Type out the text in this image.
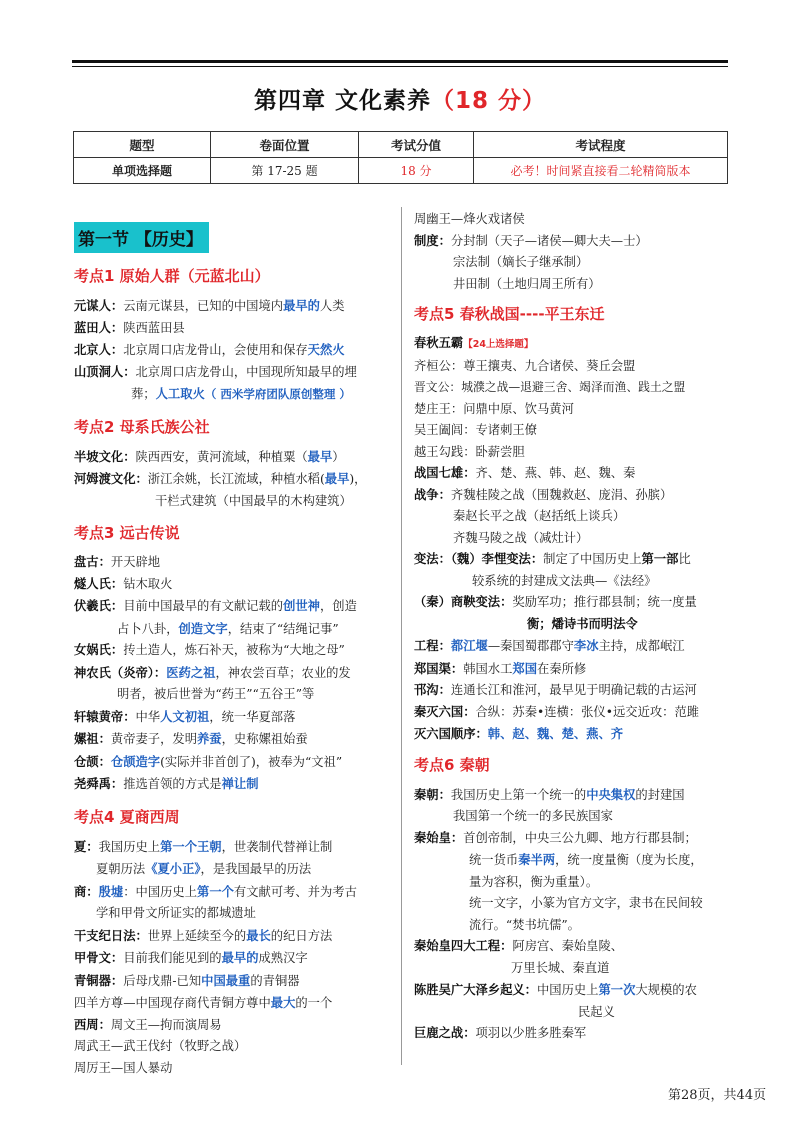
第四章 文化素养（18 分）
题型	卷面位置	考试分值	考试程度
单项选择题	第 17-25 题	18 分	必考！时间紧直接看二轮精简版本
第一节 【历史】
考点1 原始人群（元蓝北山）
元谋人：云南元谋县，已知的中国境内最早的人类
蓝田人：陕西蓝田县
北京人：北京周口店龙骨山，会使用和保存天然火
山顶洞人：北京周口店龙骨山，中国现所知最早的埋
葬；人工取火（ 西米学府团队原创整理 ）
考点2 母系氏族公社
半坡文化：陕西西安，黄河流域，种植粟（最早）
河姆渡文化：浙江余姚，长江流域，种植水稻(最早)，
干栏式建筑（中国最早的木构建筑）
考点3 远古传说
盘古：开天辟地
燧人氏：钻木取火
伏羲氏：目前中国最早的有文献记载的创世神，创造
占卜八卦，创造文字，结束了“结绳记事”
女娲氏：抟土造人，炼石补天，被称为“大地之母”
神农氏（炎帝）：医药之祖，神农尝百草；农业的发
明者，被后世誉为“药王”“五谷王”等
轩辕黄帝：中华人文初祖，统一华夏部落
嫘祖：黄帝妻子，发明养蚕，史称嫘祖始蚕
仓颉：仓颉造字(实际并非首创了)，被奉为“文祖”
尧舜禹：推选首领的方式是禅让制
考点4 夏商西周
夏：我国历史上第一个王朝，世袭制代替禅让制
夏朝历法《夏小正》，是我国最早的历法
商：殷墟：中国历史上第一个有文献可考、并为考古
学和甲骨文所证实的都城遗址
干支纪日法：世界上延续至今的最长的纪日方法
甲骨文：目前我们能见到的最早的成熟汉字
青铜器：后母戊鼎-已知中国最重的青铜器
四羊方尊—中国现存商代青铜方尊中最大的一个
西周：周文王—拘而演周易
周武王—武王伐纣（牧野之战）
周厉王—国人暴动
周幽王—烽火戏诸侯
制度：分封制（天子—诸侯—卿大夫—士）
宗法制（嫡长子继承制）
井田制（土地归周王所有）
考点5 春秋战国----平王东迁
春秋五霸【24上选择题】
齐桓公：尊王攘夷、九合诸侯、葵丘会盟
晋文公：城濮之战—退避三舍、竭泽而渔、践土之盟
楚庄王：问鼎中原、饮马黄河
吴王阖闾：专诸刺王僚
越王勾践：卧薪尝胆
战国七雄：齐、楚、燕、韩、赵、魏、秦
战争：齐魏桂陵之战（围魏救赵、庞涓、孙膑）
秦赵长平之战（赵括纸上谈兵）
齐魏马陵之战（减灶计）
变法：（魏）李悝变法：制定了中国历史上第一部比
较系统的封建成文法典—《法经》
（秦）商鞅变法：奖励军功；推行郡县制；统一度量
衡；燔诗书而明法令
工程：都江堰—秦国蜀郡郡守李冰主持，成都岷江
郑国渠：韩国水工郑国在秦所修
邗沟：连通长江和淮河，最早见于明确记载的古运河
秦灭六国：合纵：苏秦•连横：张仪•远交近攻：范雎
灭六国顺序：韩、赵、魏、楚、燕、齐
考点6 秦朝
秦朝：我国历史上第一个统一的中央集权的封建国
我国第一个统一的多民族国家
秦始皇：首创帝制，中央三公九卿、地方行郡县制；
统一货币秦半两，统一度量衡（度为长度，
量为容积，衡为重量）。
统一文字，小篆为官方文字，隶书在民间较
流行。“焚书坑儒”。
秦始皇四大工程：阿房宫、秦始皇陵、
万里长城、秦直道
陈胜吴广大泽乡起义：中国历史上第一次大规模的农
民起义
巨鹿之战：项羽以少胜多胜秦军
第28页，共44页
